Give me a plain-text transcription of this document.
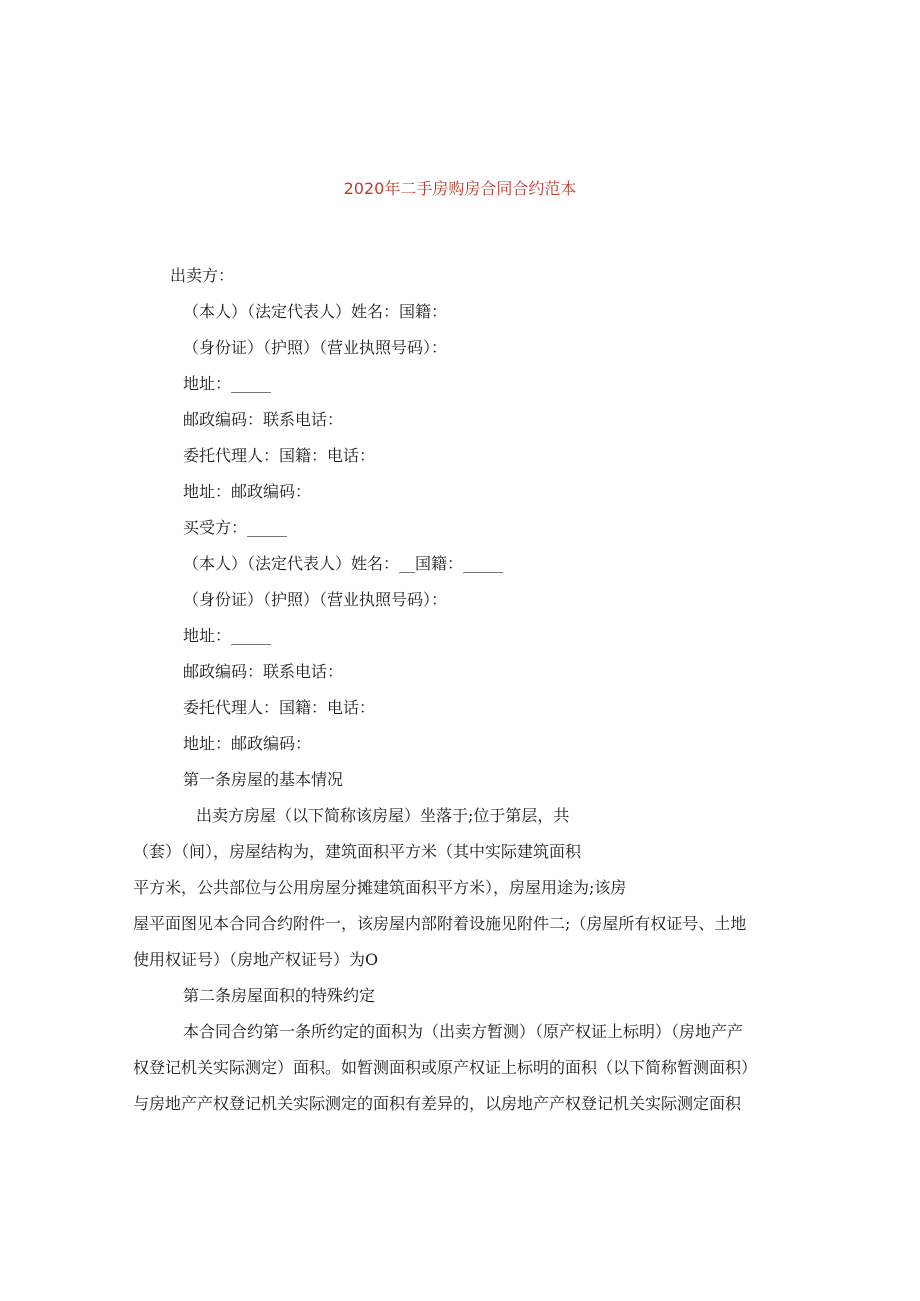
2020年二手房购房合同合约范本
出卖方：
（本人）（法定代表人）姓名：国籍：
（身份证）（护照）（营业执照号码）：
地址：_____
邮政编码：联系电话：
委托代理人：国籍：电话：
地址：邮政编码：
买受方：_____
（本人）（法定代表人）姓名：__国籍：_____
（身份证）（护照）（营业执照号码）：
地址：_____
邮政编码：联系电话：
委托代理人：国籍：电话：
地址：邮政编码：
第一条房屋的基本情况
出卖方房屋（以下简称该房屋）坐落于;位于第层，共
（套）（间），房屋结构为，建筑面积平方米（其中实际建筑面积
平方米，公共部位与公用房屋分摊建筑面积平方米），房屋用途为;该房
屋平面图见本合同合约附件一，该房屋内部附着设施见附件二;（房屋所有权证号、土地
使用权证号）（房地产权证号）为O
第二条房屋面积的特殊约定
本合同合约第一条所约定的面积为（出卖方暂测）（原产权证上标明）（房地产产
权登记机关实际测定）面积。如暂测面积或原产权证上标明的面积（以下简称暂测面积）
与房地产产权登记机关实际测定的面积有差异的，以房地产产权登记机关实际测定面积
